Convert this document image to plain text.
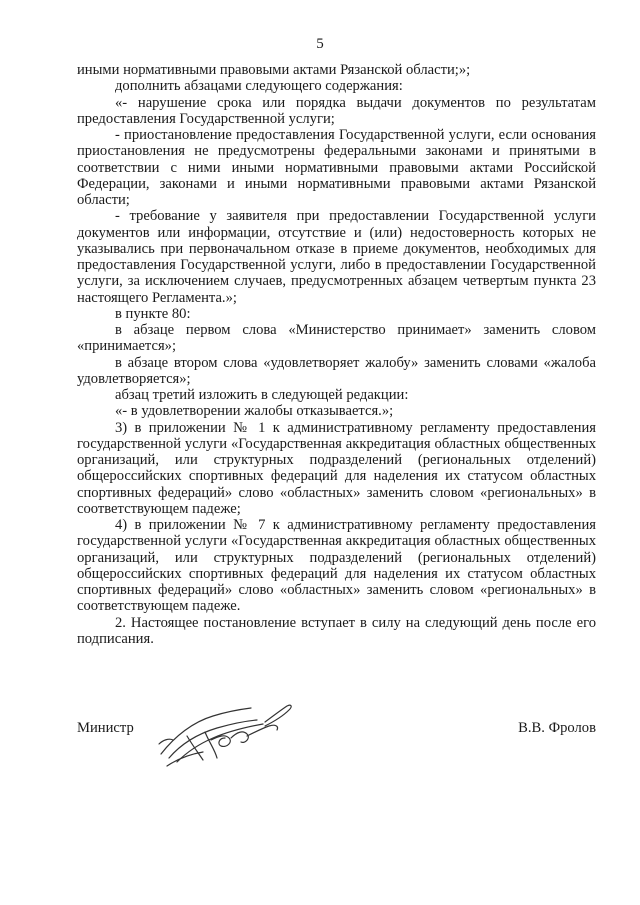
5

иными нормативными правовыми актами Рязанской области;»;

дополнить абзацами следующего содержания:

«- нарушение срока или порядка выдачи документов по результатам предоставления Государственной услуги;

- приостановление предоставления Государственной услуги, если основания приостановления не предусмотрены федеральными законами и принятыми в соответствии с ними иными нормативными правовыми актами Российской Федерации, законами и иными нормативными правовыми актами Рязанской области;

- требование у заявителя при предоставлении Государственной услуги документов или информации, отсутствие и (или) недостоверность которых не указывались при первоначальном отказе в приеме документов, необходимых для предоставления Государственной услуги, либо в предоставлении Государственной услуги, за исключением случаев, предусмотренных абзацем четвертым пункта 23 настоящего Регламента.»;

в пункте 80:

в абзаце первом слова «Министерство принимает» заменить словом «принимается»;

в абзаце втором слова «удовлетворяет жалобу» заменить словами «жалоба удовлетворяется»;

абзац третий изложить в следующей редакции:

«- в удовлетворении жалобы отказывается.»;

3) в приложении № 1 к административному регламенту предоставления государственной услуги «Государственная аккредитация областных общественных организаций, или структурных подразделений (региональных отделений) общероссийских спортивных федераций для наделения их статусом областных спортивных федераций» слово «областных» заменить словом «региональных» в соответствующем падеже;

4) в приложении № 7 к административному регламенту предоставления государственной услуги «Государственная аккредитация областных общественных организаций, или структурных подразделений (региональных отделений) общероссийских спортивных федераций для наделения их статусом областных спортивных федераций» слово «областных» заменить словом «региональных» в соответствующем падеже.

2. Настоящее постановление вступает в силу на следующий день после его подписания.

Министр	В.В. Фролов
